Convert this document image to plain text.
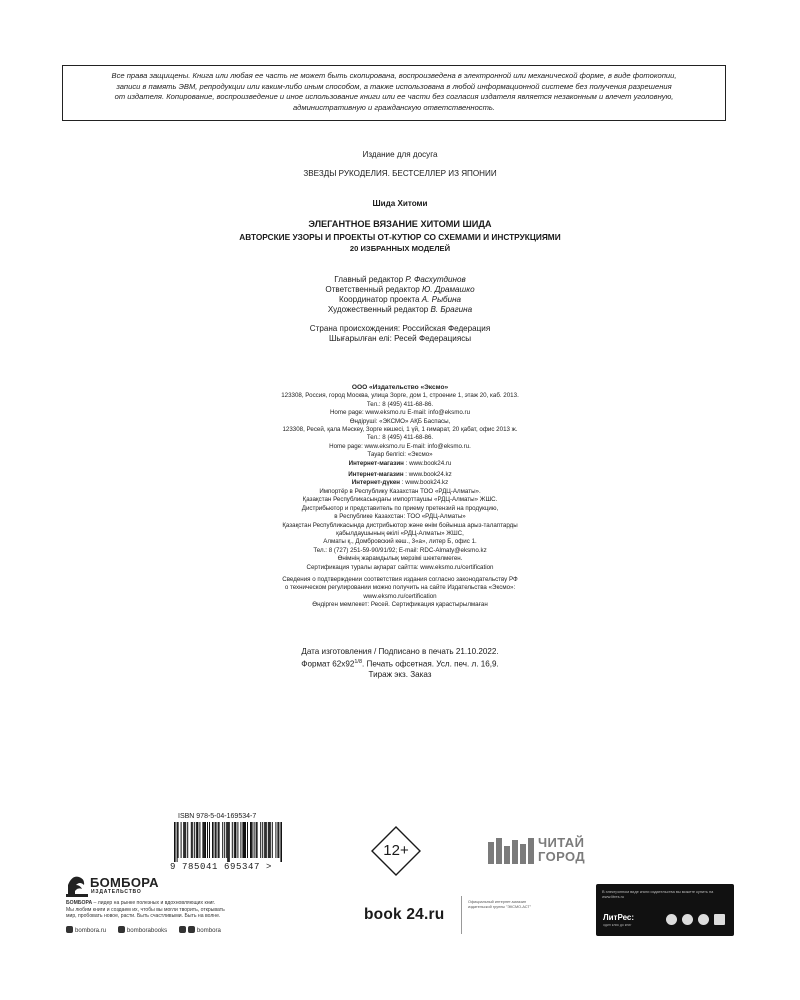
Все права защищены. Книга или любая ее часть не может быть скопирована, воспроизведена в электронной или механической форме, в виде фотокопии,
записи в память ЭВМ, репродукции или каким-либо иным способом, а также использована в любой информационной системе без получения разрешения
от издателя. Копирование, воспроизведение и иное использование книги или ее части без согласия издателя является незаконным и влечет уголовную,
административную и гражданскую ответственность.
Издание для досуга
ЗВЕЗДЫ РУКОДЕЛИЯ. БЕСТСЕЛЛЕР ИЗ ЯПОНИИ
Шида Хитоми
ЭЛЕГАНТНОЕ ВЯЗАНИЕ ХИТОМИ ШИДА
АВТОРСКИЕ УЗОРЫ И ПРОЕКТЫ ОТ-КУТЮР СО СХЕМАМИ И ИНСТРУКЦИЯМИ
20 ИЗБРАННЫХ МОДЕЛЕЙ
Главный редактор Р. Фасхутдинов
Ответственный редактор Ю. Драмашко
Координатор проекта А. Рыбина
Художественный редактор В. Брагина
Страна происхождения: Российская Федерация
Шығарылған елі: Ресей Федерациясы
ООО «Издательство «Эксмо»
123308, Россия, город Москва, улица Зорге, дом 1, строение 1, этаж 20, каб. 2013.
Тел.: 8 (495) 411-68-86.
Home page: www.eksmo.ru E-mail: info@eksmo.ru
Өндіруші: «ЭКСМО» АҚБ Баспасы,
123308, Ресей, қала Мәскеу, Зорге көшесі, 1 үй, 1 ғимарат, 20 қабат, офис 2013 ж.
Тел.: 8 (495) 411-68-86.
Home page: www.eksmo.ru E-mail: info@eksmo.ru.
Тауар белгісі: «Эксмо»
Интернет-магазин : www.book24.ru
Интернет-магазин : www.book24.kz
Интернет-дүкен : www.book24.kz
Импортёр в Республику Казахстан ТОО «РДЦ-Алматы».
Қазақстан Республикасындағы импорттаушы «РДЦ-Алматы» ЖШС.
Дистрибьютор и представитель по приему претензий на продукцию,
в Республике Казахстан: ТОО «РДЦ-Алматы»
Қазақстан Республикасында дистрибьютор және өнім бойынша арыз-талаптарды
қабылдаушының өкілі «РДЦ-Алматы» ЖШС,
Алматы қ., Домбровский көш., 3«а», литер Б, офис 1.
Тел.: 8 (727) 251-59-90/91/92; E-mail: RDC-Almaty@eksmo.kz
Өнімнің жарамдылық мерзімі шектелмеген.
Сертификация туралы ақпарат сайтта: www.eksmo.ru/certification
Сведения о подтверждении соответствия издания согласно законодательству РФ
о техническом регулировании можно получить на сайте Издательства «Эксмо»:
www.eksmo.ru/certification
Өндірген мемлекет: Ресей. Сертификация қарастырылмаған
Дата изготовления / Подписано в печать 21.10.2022.
Формат $62x92^{1/8}$. Печать офсетная. Усл. печ. л. 16,9.
Тираж экз. Заказ
ISBN 978-5-04-169534-7
9 785041 695347 >
12+	ЧИТАЙ
ГОРОД
БОМБОРА
ИЗДАТЕЛЬСТВО
БОМБОРА – лидер на рынке полезных и вдохновляющих книг.
Мы любим книги и создаем их, чтобы вы могли творить, открывать
мир, пробовать новое, расти. Быть счастливыми. Быть на волне.
bombora.ru	bomborabooks	bombora
book 24.ru
Официальный интернет-магазин издательской группы "ЭКСМО-АСТ"
В электронном виде книги издательства вы можете купить на www.litres.ru
ЛитРес:
один клик до книг
